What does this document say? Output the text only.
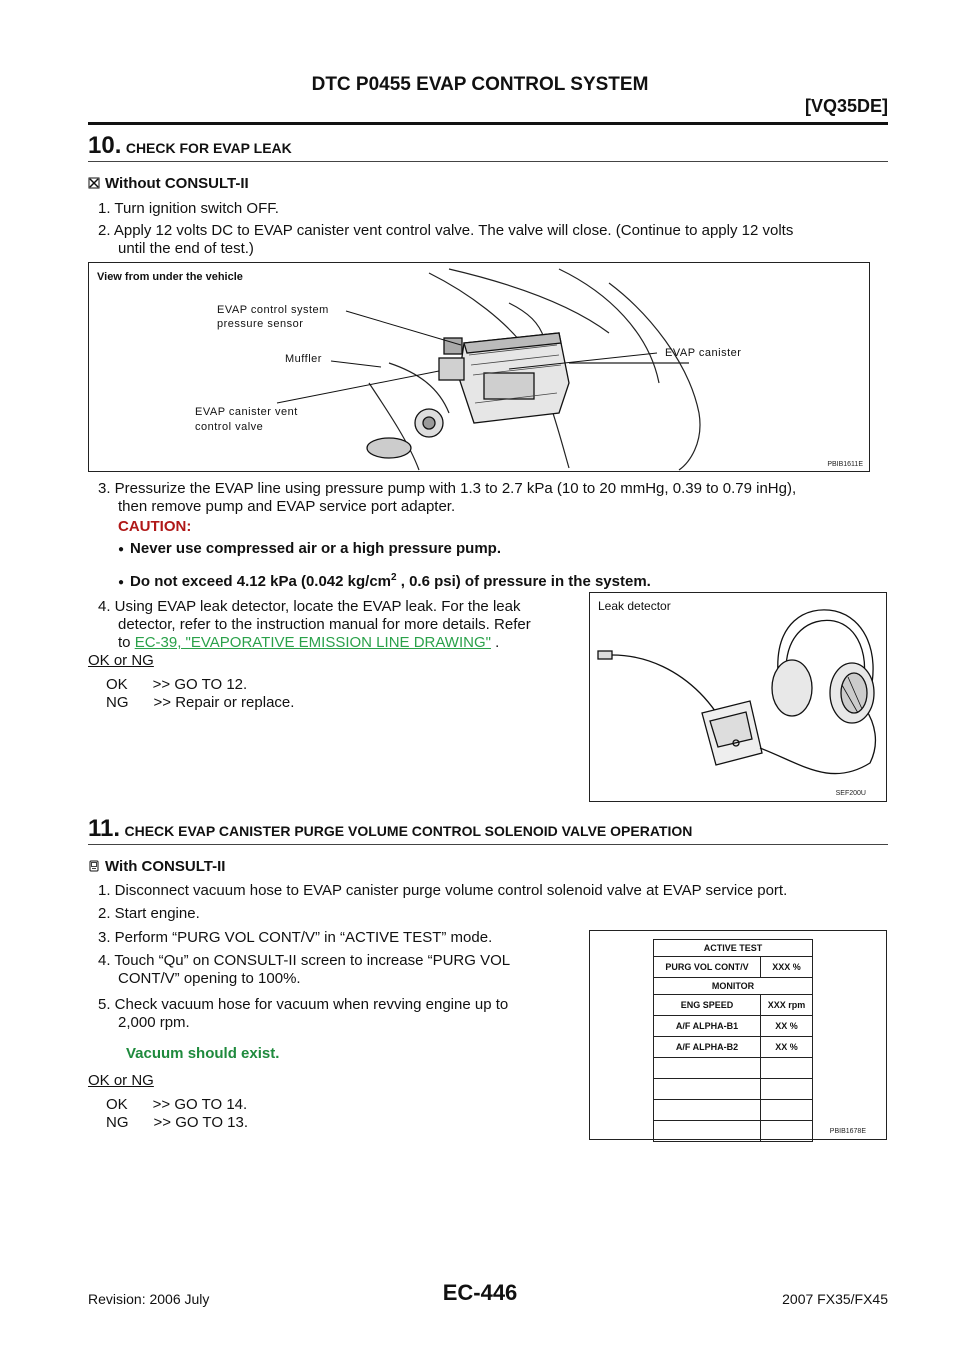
DTC P0455 EVAP CONTROL SYSTEM
[VQ35DE]
10. CHECK FOR EVAP LEAK
Without CONSULT-II
1. Turn ignition switch OFF.
2. Apply 12 volts DC to EVAP canister vent control valve. The valve will close. (Continue to apply 12 volts
until the end of test.)
View from under the vehicle
EVAP control system
pressure sensor
Muffler	EVAP canister
EVAP canister vent
control valve
PBIB1611E
3. Pressurize the EVAP line using pressure pump with 1.3 to 2.7 kPa (10 to 20 mmHg, 0.39 to 0.79 inHg),
then remove pump and EVAP service port adapter.
CAUTION:
● Never use compressed air or a high pressure pump.
● Do not exceed 4.12 kPa (0.042 $kg/cm^2$ , 0.6 psi) of pressure in the system.
4. Using EVAP leak detector, locate the EVAP leak. For the leak
detector, refer to the instruction manual for more details. Refer
to EC-39, "EVAPORATIVE EMISSION LINE DRAWING" .
OK or NG
OK      >> GO TO 12.
NG      >> Repair or replace.
Leak detector
SEF200U
11. CHECK EVAP CANISTER PURGE VOLUME CONTROL SOLENOID VALVE OPERATION
With CONSULT-II
1. Disconnect vacuum hose to EVAP canister purge volume control solenoid valve at EVAP service port.
2. Start engine.
3. Perform “PURG VOL CONT/V” in “ACTIVE TEST” mode.
4. Touch “Qu” on CONSULT-II screen to increase “PURG VOL
CONT/V” opening to 100%.
5. Check vacuum hose for vacuum when revving engine up to
2,000 rpm.
Vacuum should exist.
OK or NG
OK      >> GO TO 14.
NG      >> GO TO 13.
ACTIVE TEST	
PURG VOL CONT/V	XXX %
MONITOR	
ENG SPEED	XXX rpm
A/F ALPHA-B1	XX %
A/F ALPHA-B2	XX %

PBIB1678E
Revision: 2006 July	EC-446	2007 FX35/FX45
